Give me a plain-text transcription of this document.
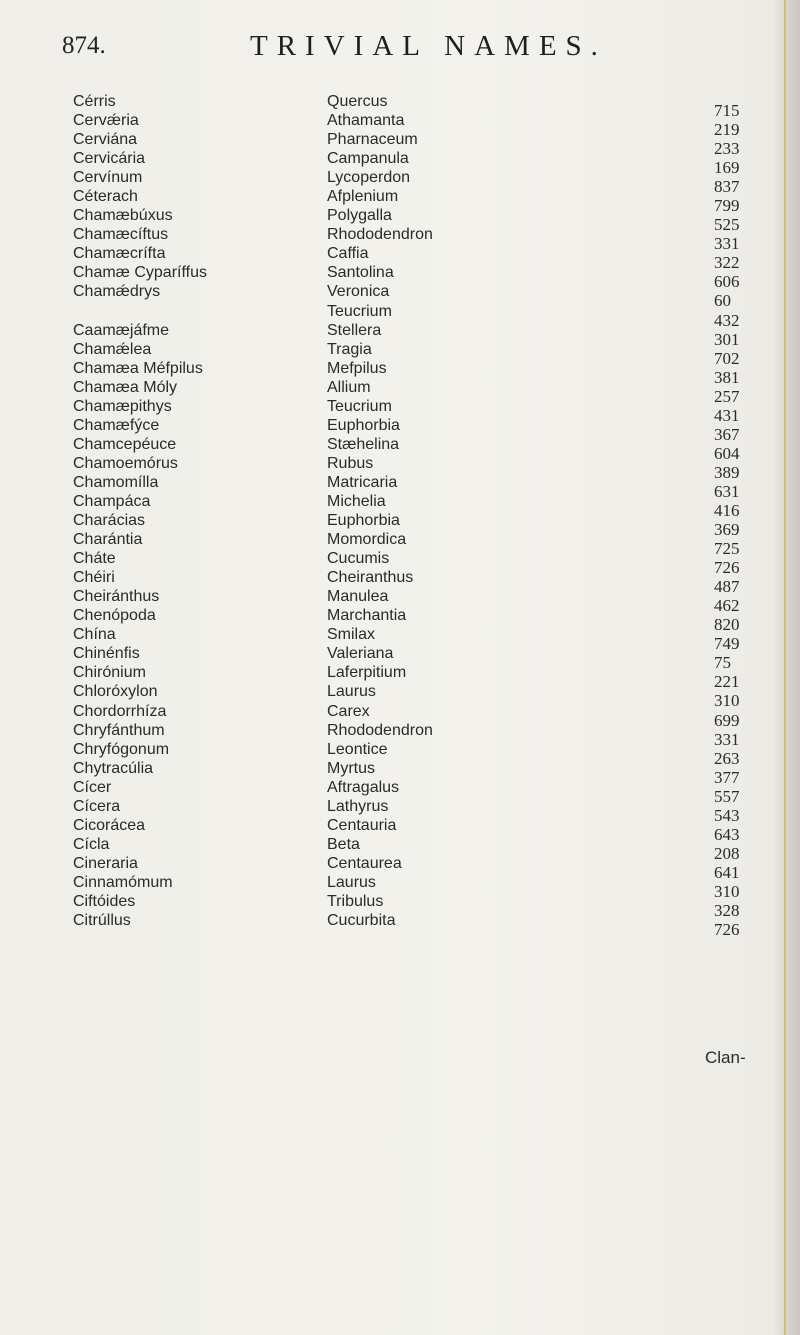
874.	TRIVIAL NAMES.
Cérris
Cervǽria
Cerviána
Cervicária
Cervínum
Céterach
Chamæbúxus
Chamæcíftus
Chamæcrífta
Chamæ Cyparíffus
Chamǽdrys
Caamæjáfme
Chamǽlea
Chamæa Méfpilus
Chamæa Móly
Chamæpithys
Chamæfýce
Chamcepéuce
Chamoemórus
Chamomílla
Champáca
Charácias
Charántia
Cháte
Chéiri
Cheiránthus
Chenópoda
Chína
Chinénfis
Chirónium
Chloróxylon
Chordorrhíza
Chryfánthum
Chryfógonum
Chytracúlia
Cícer
Cícera
Cicorácea
Cícla
Cineraria
Cinnamómum
Ciftóides
Citrúllus
Quercus
Athamanta
Pharnaceum
Campanula
Lycoperdon
Afplenium
Polygalla
Rhododendron
Caffia
Santolina
Veronica
Teucrium
Stellera
Tragia
Mefpilus
Allium
Teucrium
Euphorbia
Stæhelina
Rubus
Matricaria
Michelia
Euphorbia
Momordica
Cucumis
Cheiranthus
Manulea
Marchantia
Smilax
Valeriana
Laferpitium
Laurus
Carex
Rhododendron
Leontice
Myrtus
Aftragalus
Lathyrus
Centauria
Beta
Centaurea
Laurus
Tribulus
Cucurbita
715
219
233
169
837
799
525
331
322
606
60
432
301
702
381
257
431
367
604
389
631
416
369
725
726
487
462
820
749
75
221
310
699
331
263
377
557
543
643
208
641
310
328
726
Clan-
